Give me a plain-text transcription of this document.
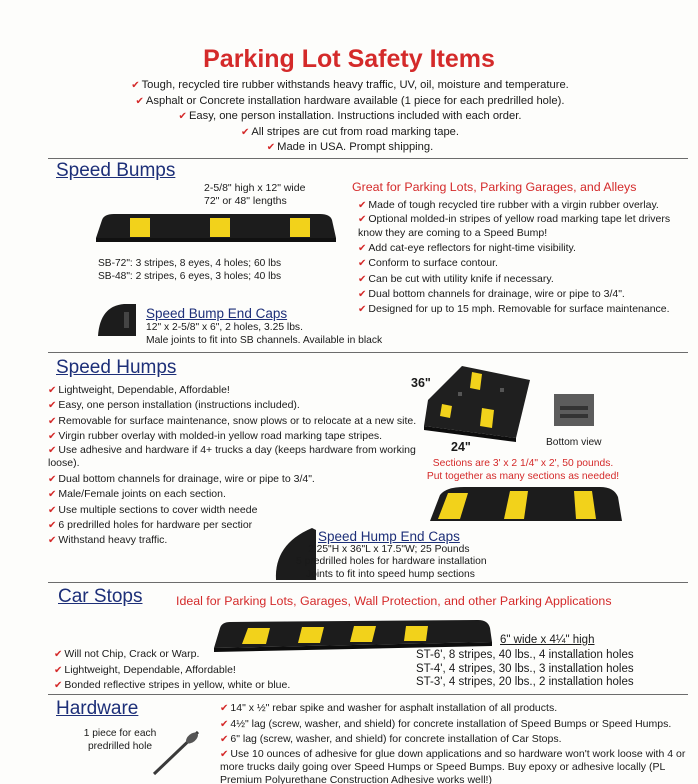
Parking Lot Safety Items
✔ Tough, recycled tire rubber withstands heavy traffic, UV, oil, moisture and temperature.
✔ Asphalt or Concrete installation hardware available (1 piece for each predrilled hole).
✔ Easy, one person installation. Instructions included with each order.
✔ All stripes are cut from road marking tape.
✔ Made in USA. Prompt shipping.
Speed Bumps
2-5/8" high x 12" wide
72" or 48" lengths
SB-72": 3 stripes, 8 eyes, 4 holes; 60 lbs
SB-48": 2 stripes, 6 eyes, 3 holes; 40 lbs
Great for Parking Lots, Parking Garages, and Alleys
✔ Made of tough recycled tire rubber with a virgin rubber overlay.
✔ Optional molded-in stripes of yellow road marking tape let drivers know they are coming to a Speed Bump!
✔ Add cat-eye reflectors for night-time visibility.
✔ Conform to surface contour.
✔ Can be cut with utility knife if necessary.
✔ Dual bottom channels for drainage, wire or pipe to 3/4".
✔ Designed for up to 15 mph. Removable for surface maintenance.
Speed Bump End Caps
12" x 2-5/8" x 6", 2 holes, 3.25 lbs.
Male joints to fit into SB channels. Available in black
Speed Humps
✔ Lightweight, Dependable, Affordable!
✔ Easy, one person installation (instructions included).
✔ Removable for surface maintenance, snow plows or to relocate at a new site.
✔ Virgin rubber overlay with molded-in yellow road marking tape stripes.
✔ Use adhesive and hardware if 4+ trucks a day (keeps hardware from working loose).
✔ Dual bottom channels for drainage, wire or pipe to 3/4".
✔ Male/Female joints on each section.
✔ Use multiple sections to cover width neede
✔ 6 predrilled holes for hardware per sectior
✔ Withstand heavy traffic.
36"
24"	Bottom view
Sections are 3' x 2 1/4" x 2', 50 pounds.
Put together as many sections as needed!
Speed Hump End Caps
2.25"H x 36"L x 17.5"W; 25 Pounds
5 predrilled holes for hardware installation
Joints to fit into speed hump sections
Car Stops	Ideal for Parking Lots, Garages, Wall Protection, and other Parking Applications
✔ Will not Chip, Crack or Warp.
✔ Lightweight, Dependable, Affordable!
✔ Bonded reflective stripes in yellow, white or blue.
6" wide x 4¼" high
ST-6', 8 stripes, 40 lbs., 4 installation holes
ST-4', 4 stripes, 30 lbs., 3 installation holes
ST-3', 4 stripes, 20 lbs., 2 installation holes
Hardware
1 piece for each
predrilled hole
✔ 14" x ½" rebar spike and washer for asphalt installation of all products.
✔ 4½" lag (screw, washer, and shield) for concrete installation of Speed Bumps or Speed Humps.
✔ 6" lag (screw, washer, and shield) for concrete installation of Car Stops.
✔ Use 10 ounces of adhesive for glue down applications and so hardware won't work loose with 4 or more trucks daily going over Speed Humps or Speed Bumps. Buy epoxy or adhesive locally (PL Premium Polyurethane Construction Adhesive works well!)
